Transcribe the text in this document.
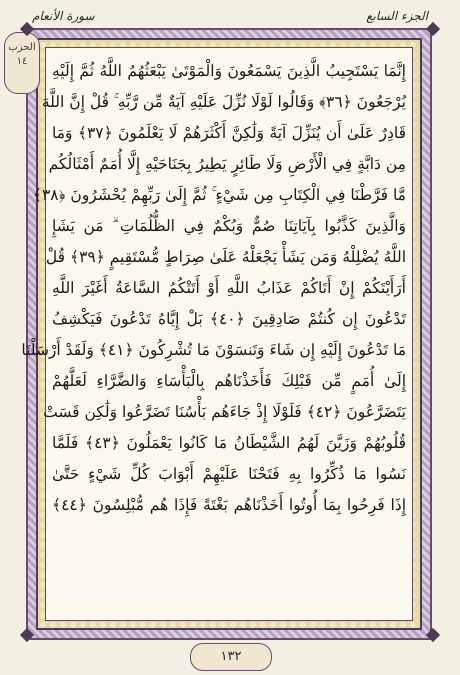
الجزء السابع
سورة الأنعام
إِنَّمَا يَسْتَجِيبُ الَّذِينَ يَسْمَعُونَ وَالْمَوْتَىٰ يَبْعَثُهُمُ اللَّهُ ثُمَّ إِلَيْهِ
يُرْجَعُونَ ﴿٣٦﴾ وَقَالُوا لَوْلَا نُزِّلَ عَلَيْهِ آيَةٌ مِّن رَّبِّهِ ۚ قُلْ إِنَّ اللَّهَ
قَادِرٌ عَلَىٰ أَن يُنَزِّلَ آيَةً وَلَٰكِنَّ أَكْثَرَهُمْ لَا يَعْلَمُونَ ﴿٣٧﴾ وَمَا
مِن دَابَّةٍ فِي الْأَرْضِ وَلَا طَائِرٍ يَطِيرُ بِجَنَاحَيْهِ إِلَّا أُمَمٌ أَمْثَالُكُم
مَّا فَرَّطْنَا فِي الْكِتَابِ مِن شَيْءٍ ۚ ثُمَّ إِلَىٰ رَبِّهِمْ يُحْشَرُونَ ﴿٣٨﴾
وَالَّذِينَ كَذَّبُوا بِآيَاتِنَا صُمٌّ وَبُكْمٌ فِي الظُّلُمَاتِ ۗ مَن يَشَإِ
اللَّهُ يُضْلِلْهُ وَمَن يَشَأْ يَجْعَلْهُ عَلَىٰ صِرَاطٍ مُّسْتَقِيمٍ ﴿٣٩﴾ قُلْ
أَرَأَيْتَكُمْ إِنْ أَتَاكُمْ عَذَابُ اللَّهِ أَوْ أَتَتْكُمُ السَّاعَةُ أَغَيْرَ اللَّهِ
تَدْعُونَ إِن كُنتُمْ صَادِقِينَ ﴿٤٠﴾ بَلْ إِيَّاهُ تَدْعُونَ فَيَكْشِفُ
مَا تَدْعُونَ إِلَيْهِ إِن شَاءَ وَتَنسَوْنَ مَا تُشْرِكُونَ ﴿٤١﴾ وَلَقَدْ أَرْسَلْنَا
إِلَىٰ أُمَمٍ مِّن قَبْلِكَ فَأَخَذْنَاهُم بِالْبَأْسَاءِ وَالضَّرَّاءِ لَعَلَّهُمْ
يَتَضَرَّعُونَ ﴿٤٢﴾ فَلَوْلَا إِذْ جَاءَهُم بَأْسُنَا تَضَرَّعُوا وَلَٰكِن قَسَتْ
قُلُوبُهُمْ وَزَيَّنَ لَهُمُ الشَّيْطَانُ مَا كَانُوا يَعْمَلُونَ ﴿٤٣﴾ فَلَمَّا
نَسُوا مَا ذُكِّرُوا بِهِ فَتَحْنَا عَلَيْهِمْ أَبْوَابَ كُلِّ شَيْءٍ حَتَّىٰ
إِذَا فَرِحُوا بِمَا أُوتُوا أَخَذْنَاهُم بَغْتَةً فَإِذَا هُم مُّبْلِسُونَ ﴿٤٤﴾
الحزب
١٤
١٣٢
